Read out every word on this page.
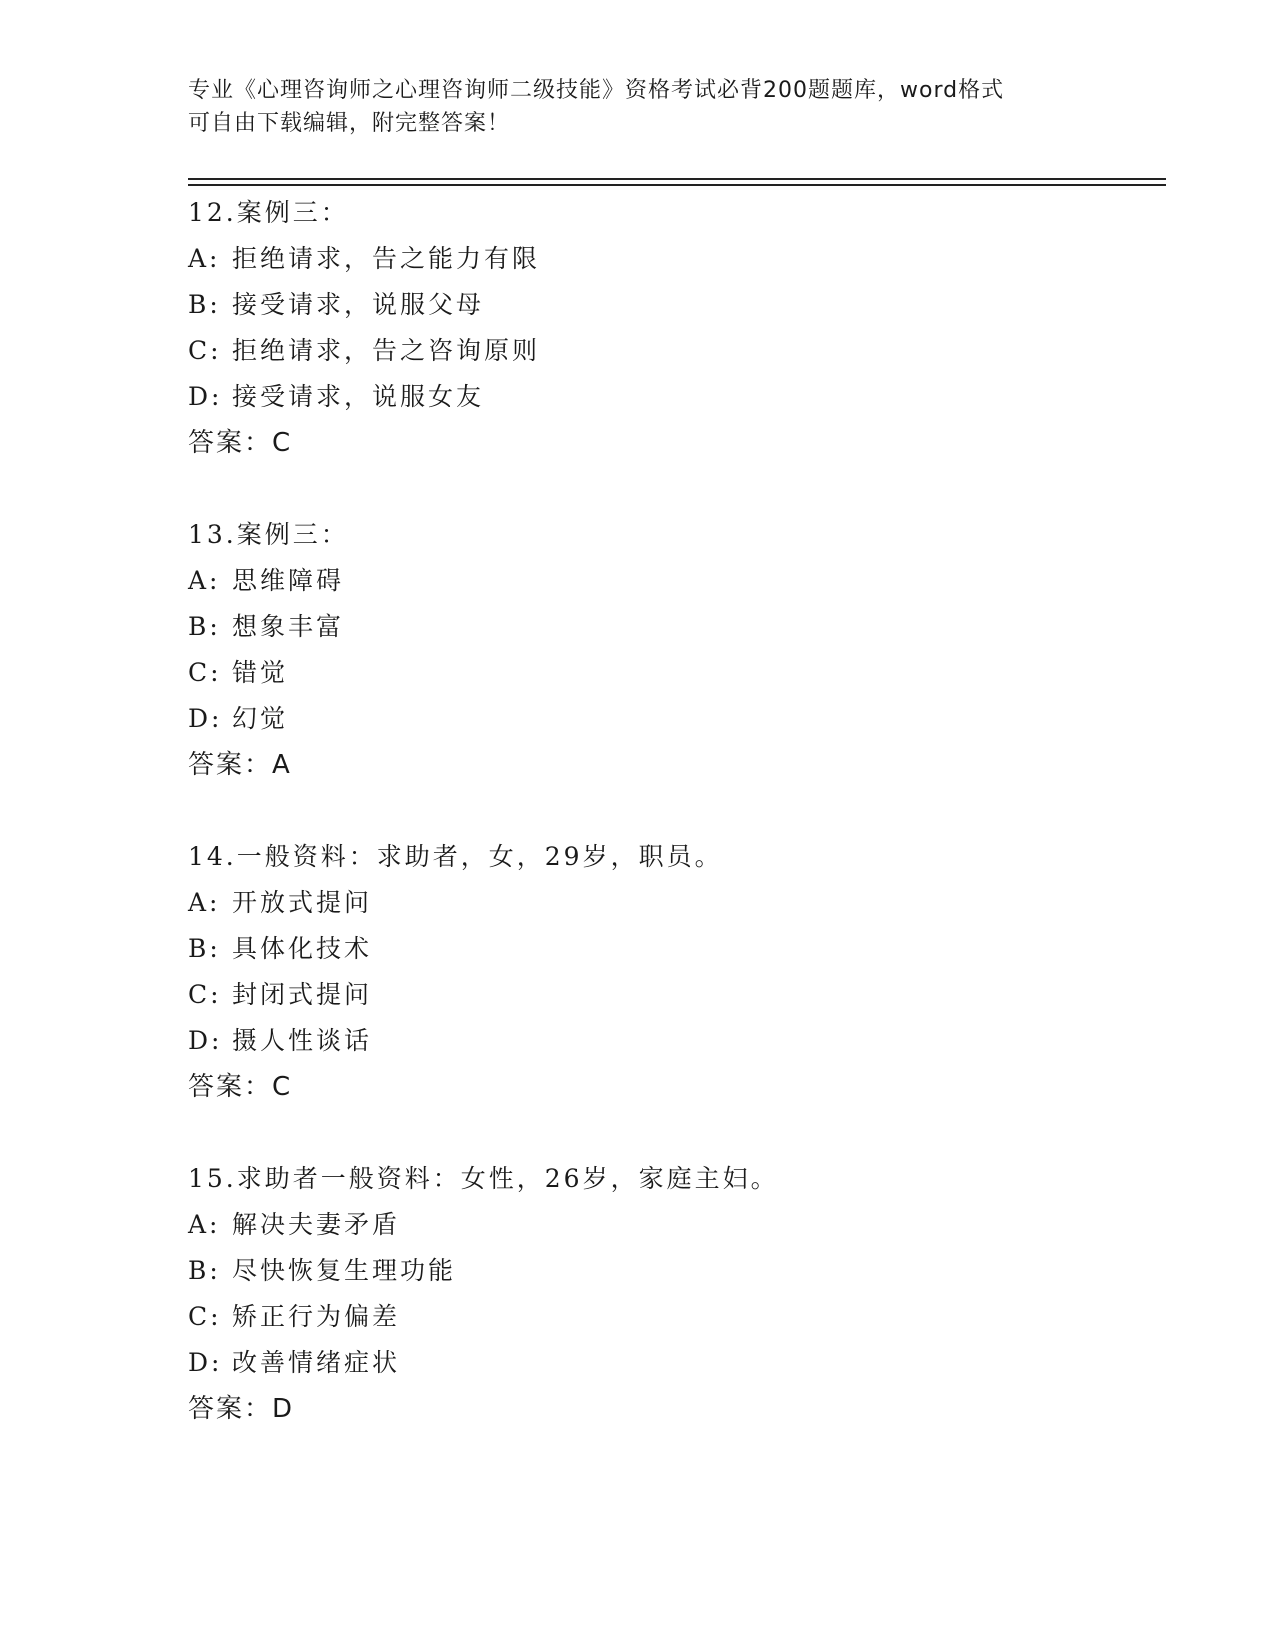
专业《心理咨询师之心理咨询师二级技能》资格考试必背200题题库，word格式
可自由下载编辑，附完整答案！
12.案例三：
A: 拒绝请求，告之能力有限
B: 接受请求，说服父母
C: 拒绝请求，告之咨询原则
D: 接受请求，说服女友
答案：C
13.案例三：
A: 思维障碍
B: 想象丰富
C: 错觉
D: 幻觉
答案：A
14.一般资料：求助者，女，29岁，职员。
A: 开放式提问
B: 具体化技术
C: 封闭式提问
D: 摄人性谈话
答案：C
15.求助者一般资料：女性，26岁，家庭主妇。
A: 解决夫妻矛盾
B: 尽快恢复生理功能
C: 矫正行为偏差
D: 改善情绪症状
答案：D
